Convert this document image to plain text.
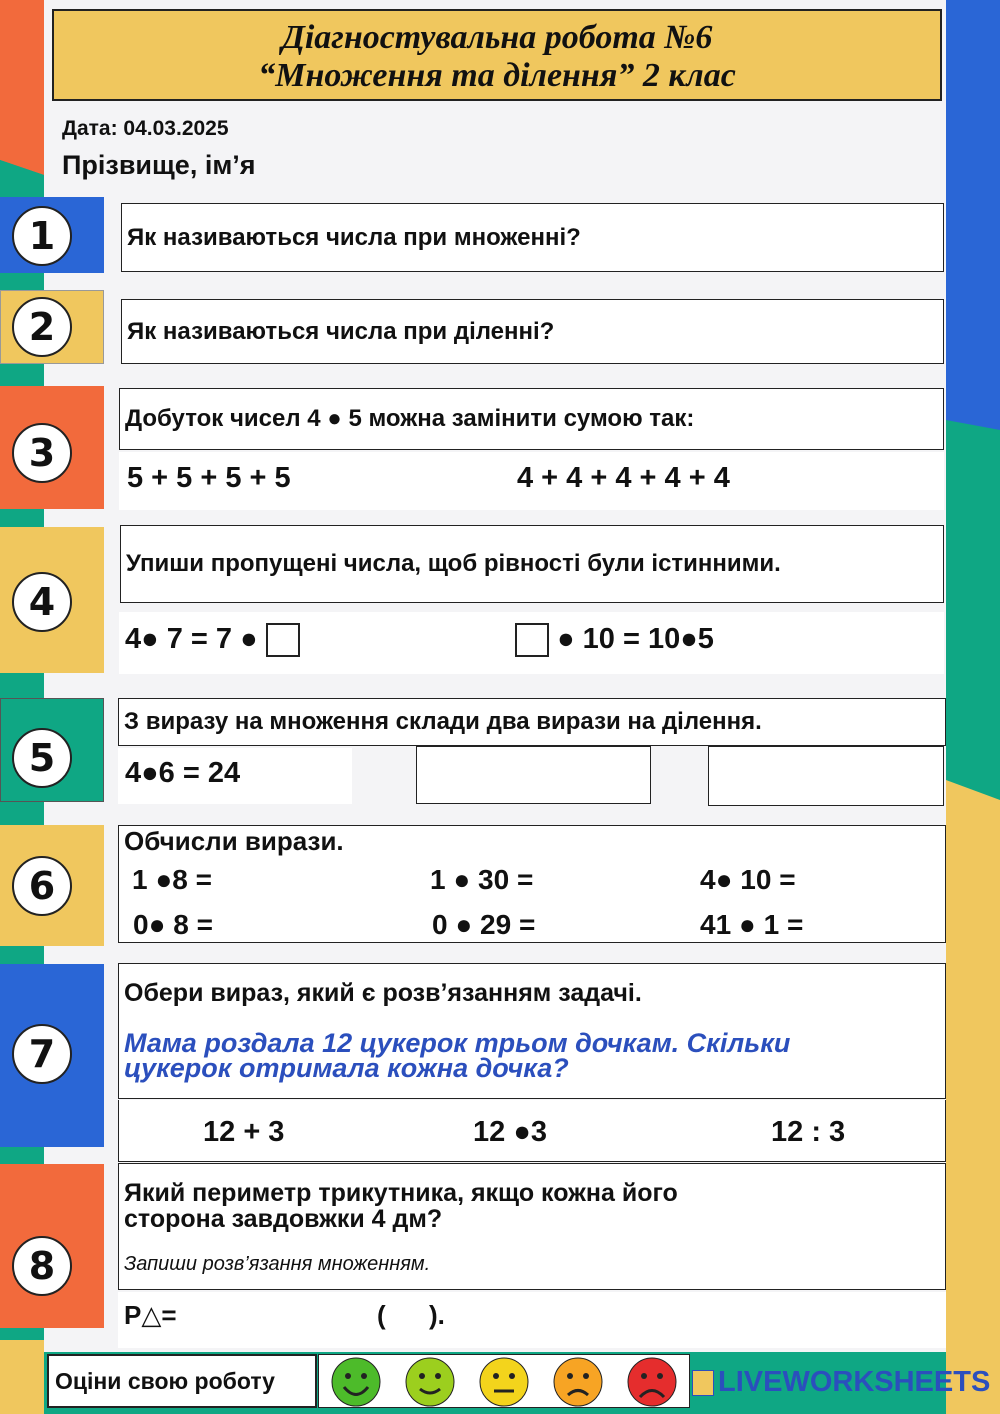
Діагностувальна робота №6
“Множення та ділення” 2 клас
Дата: 04.03.2025
Прізвище, ім’я
1	Як називаються числа при множенні?
2	Як називаються числа при діленні?
3
Добуток чисел 4 ● 5 можна замінити сумою так:
5 + 5 + 5 + 5	4 + 4 + 4 + 4 + 4
4
Упиши пропущені числа, щоб рівності були істинними.
4● 7 = 7 ●	● 10 = 10●5
5
З виразу на множення склади два вирази на ділення.
4●6 = 24
6
Обчисли вирази.
1 ●8 =	1 ● 30 =	4● 10 =
0● 8 =	0 ● 29 =	41 ● 1 =
7
Обери вираз, який є розв’язанням задачі.
Мама роздала 12 цукерок трьом дочкам. Скільки
цукерок отримала кожна дочка?
12 + 3	12 ●3	12 : 3
8
Який периметр трикутника, якщо кожна його
сторона завдовжки 4 дм?
Запиши розв’язання множенням.
P△=	(      ).
Оціни свою роботу	LIVEWORKSHEETS
